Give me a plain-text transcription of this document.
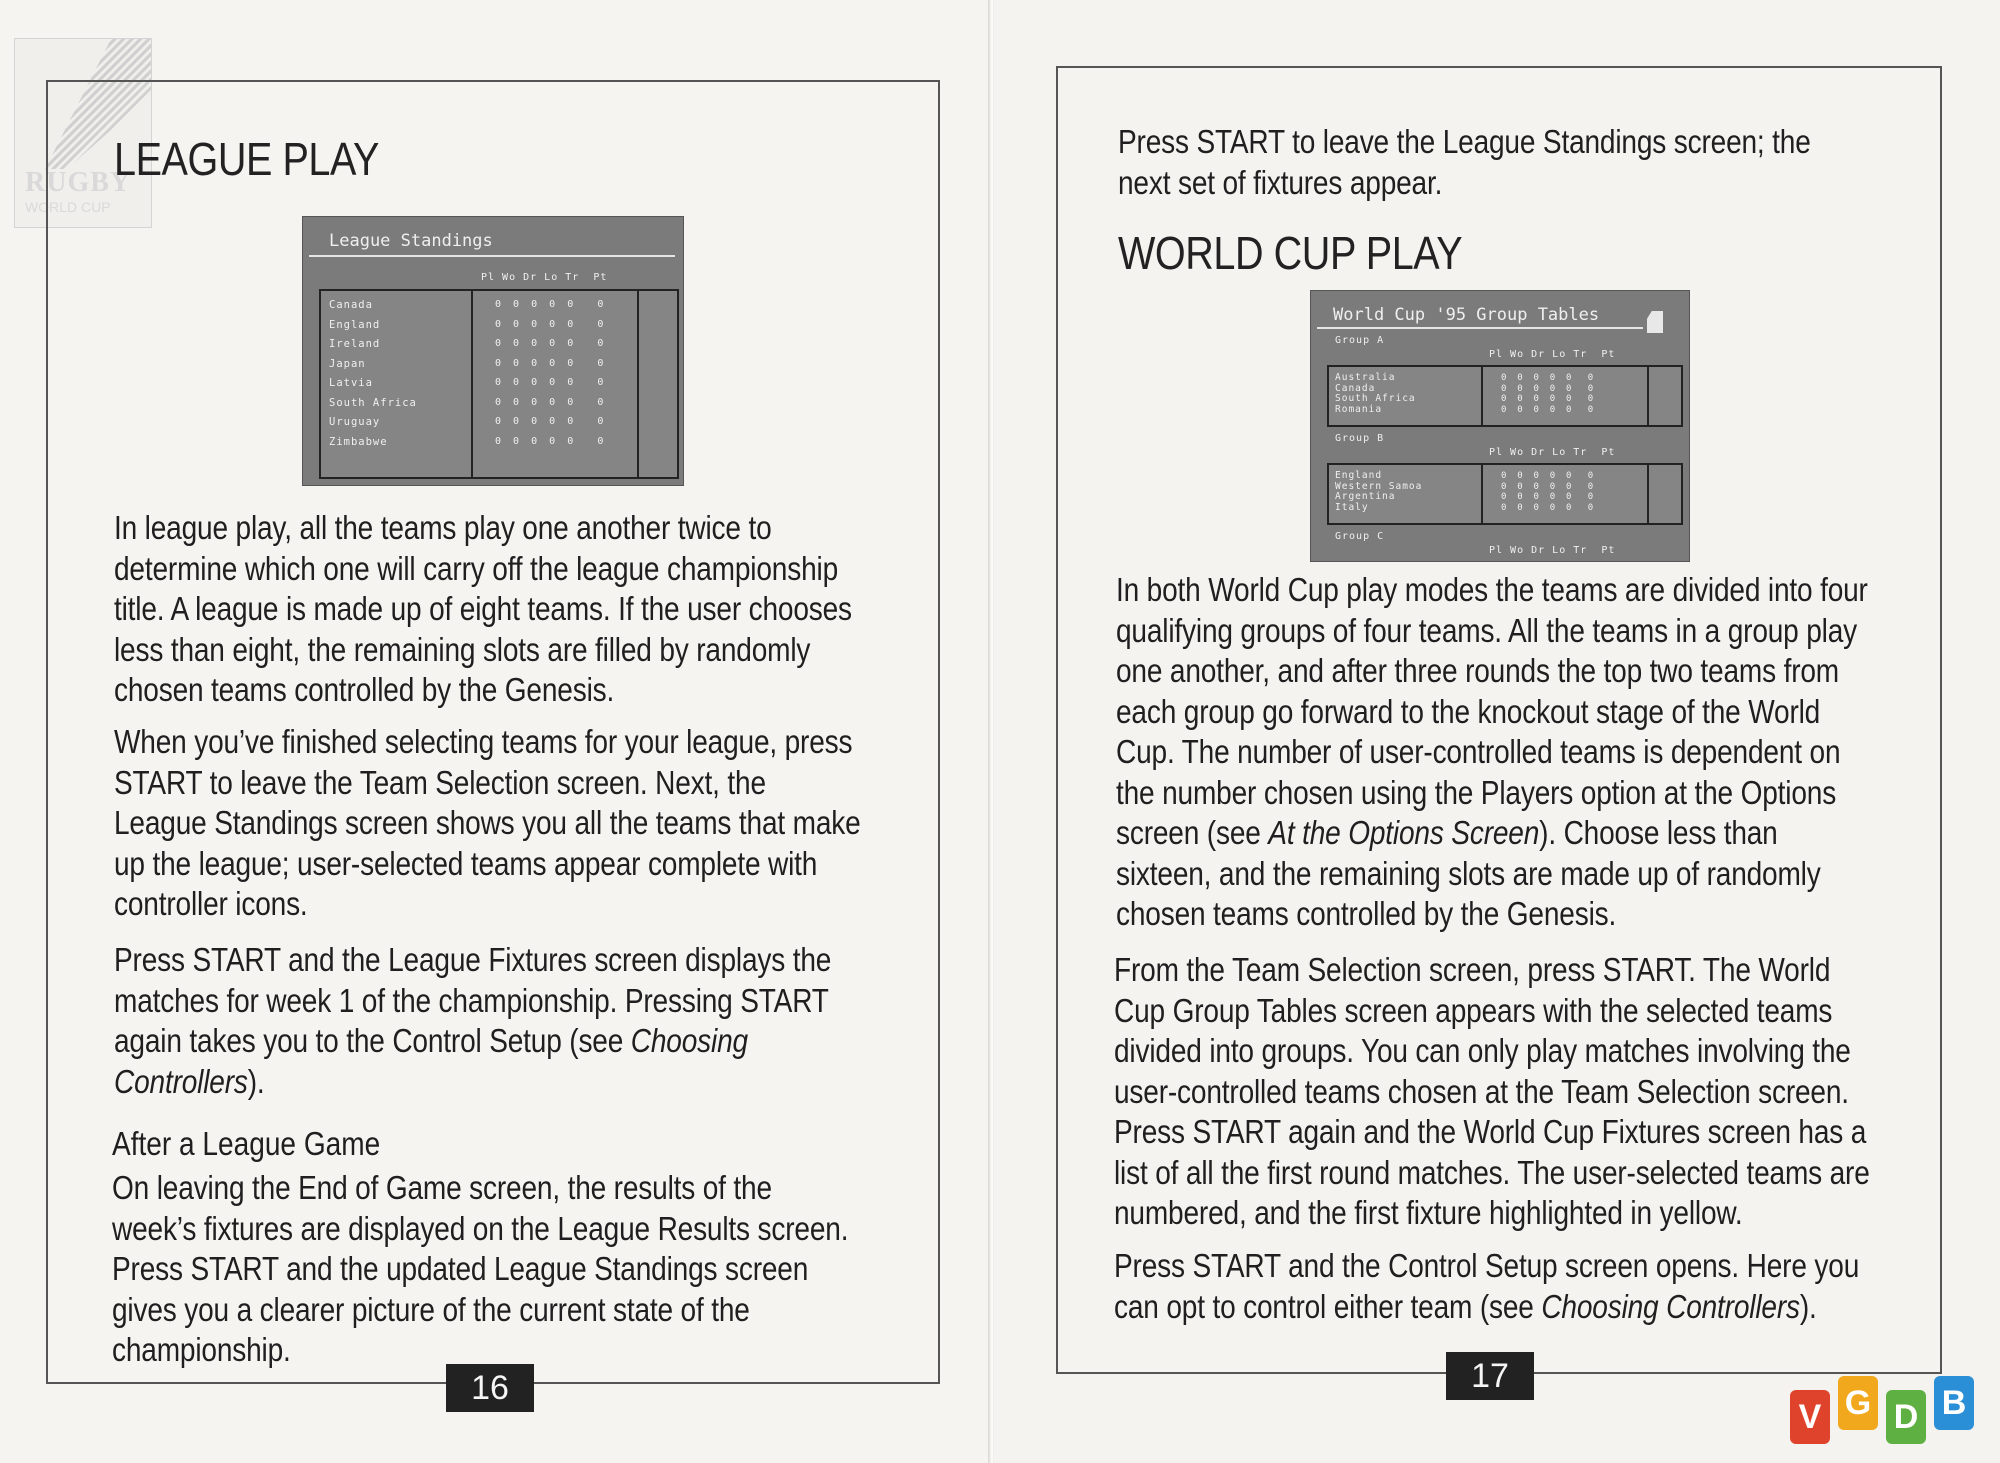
RUGBY
WORLD CUP
LEAGUE PLAY
League Standings
Pl Wo Dr Lo Tr  Pt
Canada	0  0  0  0  0    0
England	0  0  0  0  0    0
Ireland	0  0  0  0  0    0
Japan	0  0  0  0  0    0
Latvia	0  0  0  0  0    0
South Africa	0  0  0  0  0    0
Uruguay	0  0  0  0  0    0
Zimbabwe	0  0  0  0  0    0

In league play, all the teams play one another twice to determine which one will carry off the league championship title. A league is made up of eight teams. If the user chooses less than eight, the remaining slots are filled by randomly chosen teams controlled by the Genesis.

When you’ve finished selecting teams for your league, press START to leave the Team Selection screen. Next, the League Standings screen shows you all the teams that make up the league; user-selected teams appear complete with controller icons.

Press START and the League Fixtures screen displays the matches for week 1 of the championship. Pressing START again takes you to the Control Setup (see Choosing Controllers).

After a League Game

On leaving the End of Game screen, the results of the week’s fixtures are displayed on the League Results screen. Press START and the updated League Standings screen gives you a clearer picture of the current state of the championship.

16

Press START to leave the League Standings screen; the next set of fixtures appear.

WORLD CUP PLAY
World Cup '95 Group Tables
Group A
Pl Wo Dr Lo Tr  Pt
Australia	0  0  0  0  0   0
Canada	0  0  0  0  0   0
South Africa	0  0  0  0  0   0
Romania	0  0  0  0  0   0
Group B
Pl Wo Dr Lo Tr  Pt
England	0  0  0  0  0   0
Western Samoa	0  0  0  0  0   0
Argentina	0  0  0  0  0   0
Italy	0  0  0  0  0   0
Group C
Pl Wo Dr Lo Tr  Pt

In both World Cup play modes the teams are divided into four qualifying groups of four teams. All the teams in a group play one another, and after three rounds the top two teams from each group go forward to the knockout stage of the World Cup. The number of user-controlled teams is dependent on the number chosen using the Players option at the Options screen (see At the Options Screen). Choose less than sixteen, and the remaining slots are made up of randomly chosen teams controlled by the Genesis.

From the Team Selection screen, press START. The World Cup Group Tables screen appears with the selected teams divided into groups. You can only play matches involving the user-controlled teams chosen at the Team Selection screen. Press START again and the World Cup Fixtures screen has a list of all the first round matches. The user-selected teams are numbered, and the first fixture highlighted in yellow.

Press START and the Control Setup screen opens. Here you can opt to control either team (see Choosing Controllers).

17
V G D B
